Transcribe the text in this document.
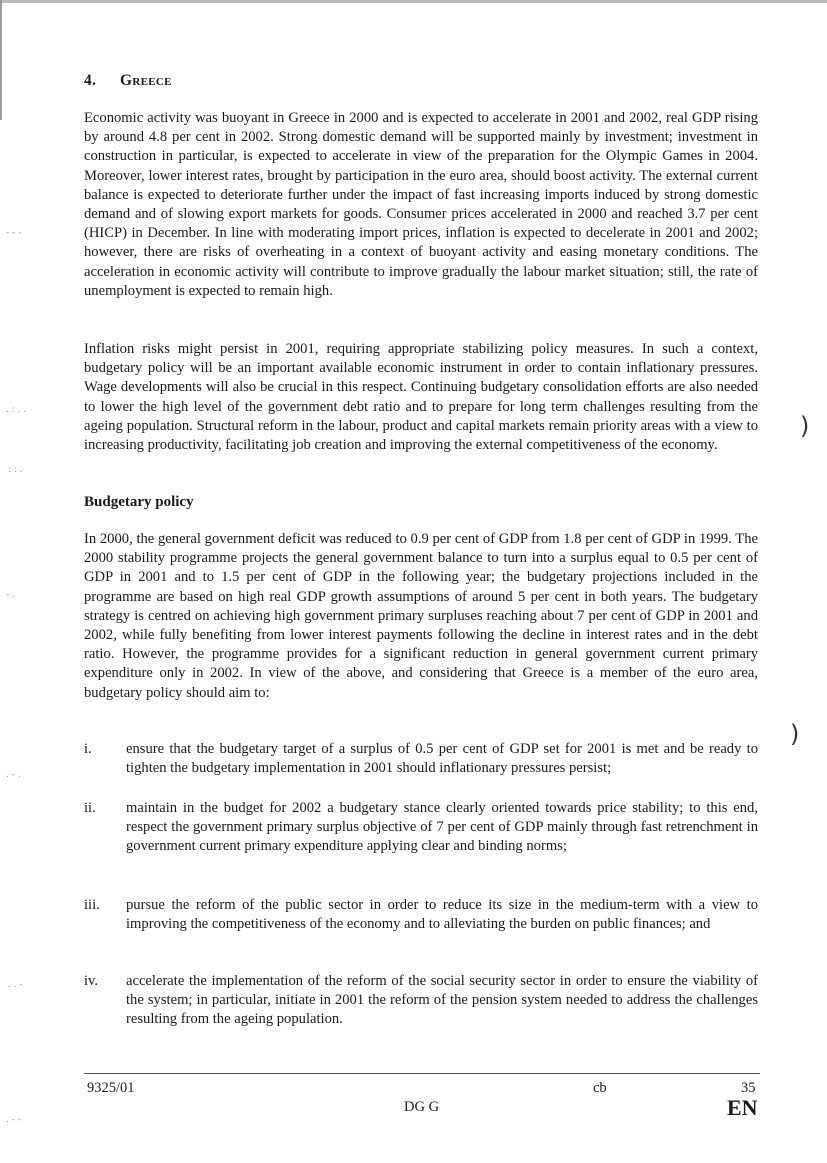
4. Greece
Economic activity was buoyant in Greece in 2000 and is expected to accelerate in 2001 and 2002, real GDP rising by around 4.8 per cent in 2002. Strong domestic demand will be supported mainly by investment; investment in construction in particular, is expected to accelerate in view of the preparation for the Olympic Games in 2004. Moreover, lower interest rates, brought by participation in the euro area, should boost activity. The external current balance is expected to deteriorate further under the impact of fast increasing imports induced by strong domestic demand and of slowing export markets for goods. Consumer prices accelerated in 2000 and reached 3.7 per cent (HICP) in December. In line with moderating import prices, inflation is expected to decelerate in 2001 and 2002; however, there are risks of overheating in a context of buoyant activity and easing monetary conditions. The acceleration in economic activity will contribute to improve gradually the labour market situation; still, the rate of unemployment is expected to remain high.
Inflation risks might persist in 2001, requiring appropriate stabilizing policy measures. In such a context, budgetary policy will be an important available economic instrument in order to contain inflationary pressures. Wage developments will also be crucial in this respect. Continuing budgetary consolidation efforts are also needed to lower the high level of the government debt ratio and to prepare for long term challenges resulting from the ageing population. Structural reform in the labour, product and capital markets remain priority areas with a view to increasing productivity, facilitating job creation and improving the external competitiveness of the economy.
Budgetary policy
In 2000, the general government deficit was reduced to 0.9 per cent of GDP from 1.8 per cent of GDP in 1999. The 2000 stability programme projects the general government balance to turn into a surplus equal to 0.5 per cent of GDP in 2001 and to 1.5 per cent of GDP in the following year; the budgetary projections included in the programme are based on high real GDP growth assumptions of around 5 per cent in both years. The budgetary strategy is centred on achieving high government primary surpluses reaching about 7 per cent of GDP in 2001 and 2002, while fully benefiting from lower interest payments following the decline in interest rates and in the debt ratio. However, the programme provides for a significant reduction in general government current primary expenditure only in 2002. In view of the above, and considering that Greece is a member of the euro area, budgetary policy should aim to:
i.	ensure that the budgetary target of a surplus of 0.5 per cent of GDP set for 2001 is met and be ready to tighten the budgetary implementation in 2001 should inflationary pressures persist;
ii.	maintain in the budget for 2002 a budgetary stance clearly oriented towards price stability; to this end, respect the government primary surplus objective of 7 per cent of GDP mainly through fast retrenchment in government current primary expenditure applying clear and binding norms;
iii.	pursue the reform of the public sector in order to reduce its size in the medium-term with a view to improving the competitiveness of the economy and to alleviating the burden on public finances; and
iv.	accelerate the implementation of the reform of the social security sector in order to ensure the viability of the system; in particular, initiate in 2001 the reform of the pension system needed to address the challenges resulting from the ageing population.
9325/01	cb	35
DG G	EN
)
)
- - -
. : . .
: : .
- .
. - .
. . -
. - -
